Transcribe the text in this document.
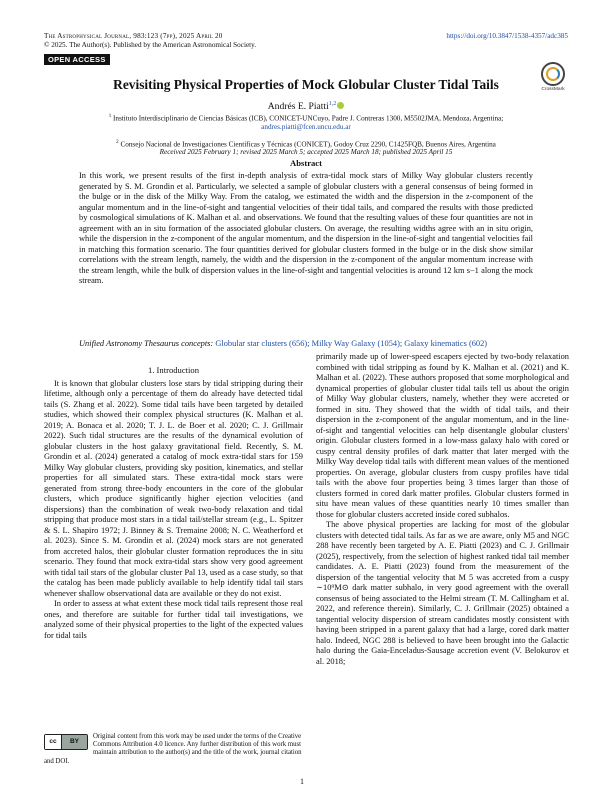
The Astrophysical Journal, 983:123 (7pp), 2025 April 20
© 2025. The Author(s). Published by the American Astronomical Society.
https://doi.org/10.3847/1538-4357/adc385
OPEN ACCESS
CrossMark
Revisiting Physical Properties of Mock Globular Cluster Tidal Tails
Andrés E. Piatti$^{1,2}$
$^1$ Instituto Interdisciplinario de Ciencias Básicas (ICB), CONICET-UNCuyo, Padre J. Contreras 1300, M5502JMA, Mendoza, Argentina;
andres.piatti@fcen.uncu.edu.ar
$^2$ Consejo Nacional de Investigaciones Científicas y Técnicas (CONICET), Godoy Cruz 2290, C1425FQB, Buenos Aires, Argentina
Received 2025 February 1; revised 2025 March 5; accepted 2025 March 18; published 2025 April 15
Abstract
In this work, we present results of the first in-depth analysis of extra-tidal mock stars of Milky Way globular clusters recently generated by S. M. Grondin et al. Particularly, we selected a sample of globular clusters with a general consensus of being formed in the bulge or in the disk of the Milky Way. From the catalog, we estimated the width and the dispersion in the z-component of the angular momentum and in the line-of-sight and tangential velocities of their tidal tails, and compared the results with those predicted by cosmological simulations of K. Malhan et al. and observations. We found that the resulting values of these four quantities are not in agreement with an in situ formation of the associated globular clusters. On average, the resulting widths agree with an in situ origin, while the dispersion in the z-component of the angular momentum, and the dispersion in the line-of-sight and tangential velocities fail in matching this formation scenario. The four quantities derived for globular clusters formed in the bulge or in the disk show similar correlations with the stream length, namely, the width and the dispersion in the z-component of the angular momentum increase with the stream length, while the bulk of dispersion values in the line-of-sight and tangential velocities is around 12 km s−1 along the mock stream.
Unified Astronomy Thesaurus concepts: Globular star clusters (656); Milky Way Galaxy (1054); Galaxy kinematics (602)
1. Introduction

It is known that globular clusters lose stars by tidal stripping during their lifetime, although only a percentage of them do already have detected tidal tails (S. Zhang et al. 2022). Some tidal tails have been targeted by detailed studies, which showed their complex physical structures (K. Malhan et al. 2019; A. Bonaca et al. 2020; T. J. L. de Boer et al. 2020; C. J. Grillmair 2022). Such tidal structures are the results of the dynamical evolution of globular clusters in the host galaxy gravitational field. Recently, S. M. Grondin et al. (2024) generated a catalog of mock extra-tidal stars for 159 Milky Way globular clusters, providing sky position, kinematics, and stellar properties for all simulated stars. These extra-tidal mock stars were generated from strong three-body encounters in the core of the globular clusters, which produce significantly higher ejection velocities (and dispersions) than the combination of weak two-body relaxation and tidal stripping that produce most stars in a tidal tail/stellar stream (e.g., L. Spitzer & S. L. Shapiro 1972; J. Binney & S. Tremaine 2008; N. C. Weatherford et al. 2023). Since S. M. Grondin et al. (2024) mock stars are not generated from accreted halos, their globular cluster formation reproduces the in situ scenario. They found that mock extra-tidal stars show very good agreement with tidal tail stars of the globular cluster Pal 13, used as a case study, so that the catalog has been made publicly available to help identify tidal tail stars whenever shallow observational data are available or they do not exist.

In order to assess at what extent these mock tidal tails represent those real ones, and therefore are suitable for further tidal tail investigations, we analyzed some of their physical properties to the light of the expected values for tidal tails

primarily made up of lower-speed escapers ejected by two-body relaxation combined with tidal stripping as found by K. Malhan et al. (2021) and K. Malhan et al. (2022). These authors proposed that some morphological and dynamical properties of globular cluster tidal tails tell us about the origin of Milky Way globular clusters, namely, whether they were accreted or formed in situ. They showed that the width of tidal tails, and their dispersion in the z-component of the angular momentum, and in the line-of-sight and tangential velocities can help disentangle globular clusters' origin. Globular clusters formed in a low-mass galaxy halo with cored or cuspy central density profiles of dark matter that later merged with the Milky Way develop tidal tails with different mean values of the mentioned properties. On average, globular clusters from cuspy profiles have tidal tails with the above four properties being 3 times larger than those of clusters formed in cored dark matter profiles. Globular clusters formed in situ have mean values of these quantities nearly 10 times smaller than those for globular clusters accreted inside cored subhalos.

The above physical properties are lacking for most of the globular clusters with detected tidal tails. As far as we are aware, only M5 and NGC 288 have recently been targeted by A. E. Piatti (2023) and C. J. Grillmair (2025), respectively, from the selection of highest ranked tidal tail member candidates. A. E. Piatti (2023) found from the measurement of the dispersion of the tangential velocity that M 5 was accreted from a cuspy ∼10⁹M⊙ dark matter subhalo, in very good agreement with the overall consensus of being associated to the Helmi stream (T. M. Callingham et al. 2022, and reference therein). Similarly, C. J. Grillmair (2025) obtained a tangential velocity dispersion of stream candidates mostly consistent with having been stripped in a parent galaxy that had a large, cored dark matter halo. Indeed, NGC 288 is believed to have been brought into the Galactic halo during the Gaia-Enceladus-Sausage accretion event (V. Belokurov et al. 2018;

cc	BY
Original content from this work may be used under the terms of the Creative Commons Attribution 4.0 licence. Any further distribution of this work must maintain attribution to the author(s) and the title of the work, journal citation and DOI.
1
